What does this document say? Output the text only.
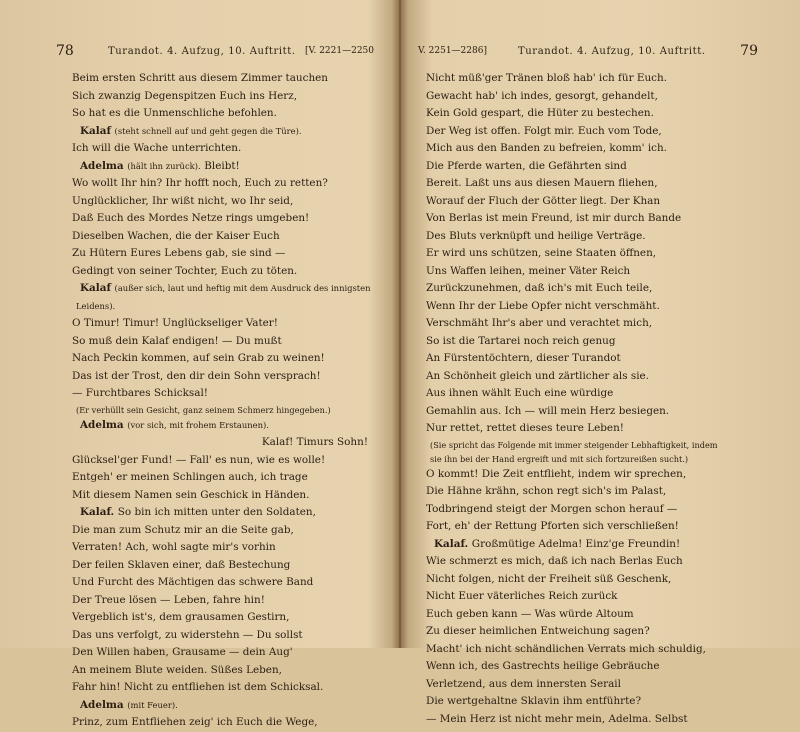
78	Turandot. 4. Aufzug, 10. Auftritt. [V. 2221—2250
Beim ersten Schritt aus diesem Zimmer tauchen
Sich zwanzig Degenspitzen Euch ins Herz,
So hat es die Unmenschliche befohlen.
Kalaf (steht schnell auf und geht gegen die Türe).
Ich will die Wache unterrichten.
Adelma (hält ihn zurück). Bleibt!
Wo wollt Ihr hin? Ihr hofft noch, Euch zu retten?
Unglücklicher, Ihr wißt nicht, wo Ihr seid,
Daß Euch des Mordes Netze rings umgeben!
Dieselben Wachen, die der Kaiser Euch
Zu Hütern Eures Lebens gab, sie sind —
Gedingt von seiner Tochter, Euch zu töten.
Kalaf (außer sich, laut und heftig mit dem Ausdruck des innigsten
Leidens).
O Timur! Timur! Unglückseliger Vater!
So muß dein Kalaf endigen! — Du mußt
Nach Peckin kommen, auf sein Grab zu weinen!
Das ist der Trost, den dir dein Sohn versprach!
— Furchtbares Schicksal!
(Er verhüllt sein Gesicht, ganz seinem Schmerz hingegeben.)
Adelma (vor sich, mit frohem Erstaunen).
Kalaf! Timurs Sohn!
Glücksel'ger Fund! — Fall' es nun, wie es wolle!
Entgeh' er meinen Schlingen auch, ich trage
Mit diesem Namen sein Geschick in Händen.
Kalaf. So bin ich mitten unter den Soldaten,
Die man zum Schutz mir an die Seite gab,
Verraten! Ach, wohl sagte mir's vorhin
Der feilen Sklaven einer, daß Bestechung
Und Furcht des Mächtigen das schwere Band
Der Treue lösen — Leben, fahre hin!
Vergeblich ist's, dem grausamen Gestirn,
Das uns verfolgt, zu widerstehn — Du sollst
Den Willen haben, Grausame — dein Aug'
An meinem Blute weiden. Süßes Leben,
Fahr hin! Nicht zu entfliehen ist dem Schicksal.
Adelma (mit Feuer).
Prinz, zum Entfliehen zeig' ich Euch die Wege,
V. 2251—2286]	Turandot. 4. Aufzug, 10. Auftritt. 79
Nicht müß'ger Tränen bloß hab' ich für Euch.
Gewacht hab' ich indes, gesorgt, gehandelt,
Kein Gold gespart, die Hüter zu bestechen.
Der Weg ist offen. Folgt mir. Euch vom Tode,
Mich aus den Banden zu befreien, komm' ich.
Die Pferde warten, die Gefährten sind
Bereit. Laßt uns aus diesen Mauern fliehen,
Worauf der Fluch der Götter liegt. Der Khan
Von Berlas ist mein Freund, ist mir durch Bande
Des Bluts verknüpft und heilige Verträge.
Er wird uns schützen, seine Staaten öffnen,
Uns Waffen leihen, meiner Väter Reich
Zurückzunehmen, daß ich's mit Euch teile,
Wenn Ihr der Liebe Opfer nicht verschmäht.
Verschmäht Ihr's aber und verachtet mich,
So ist die Tartarei noch reich genug
An Fürstentöchtern, dieser Turandot
An Schönheit gleich und zärtlicher als sie.
Aus ihnen wählt Euch eine würdige
Gemahlin aus. Ich — will mein Herz besiegen.
Nur rettet, rettet dieses teure Leben!
(Sie spricht das Folgende mit immer steigender Lebhaftigkeit, indem
sie ihn bei der Hand ergreift und mit sich fortzureißen sucht.)
O kommt! Die Zeit entflieht, indem wir sprechen,
Die Hähne krähn, schon regt sich's im Palast,
Todbringend steigt der Morgen schon herauf —
Fort, eh' der Rettung Pforten sich verschließen!
Kalaf. Großmütige Adelma! Einz'ge Freundin!
Wie schmerzt es mich, daß ich nach Berlas Euch
Nicht folgen, nicht der Freiheit süß Geschenk,
Nicht Euer väterliches Reich zurück
Euch geben kann — Was würde Altoum
Zu dieser heimlichen Entweichung sagen?
Macht' ich nicht schändlichen Verrats mich schuldig,
Wenn ich, des Gastrechts heilige Gebräuche
Verletzend, aus dem innersten Serail
Die wertgehaltne Sklavin ihm entführte?
— Mein Herz ist nicht mehr mein, Adelma. Selbst
